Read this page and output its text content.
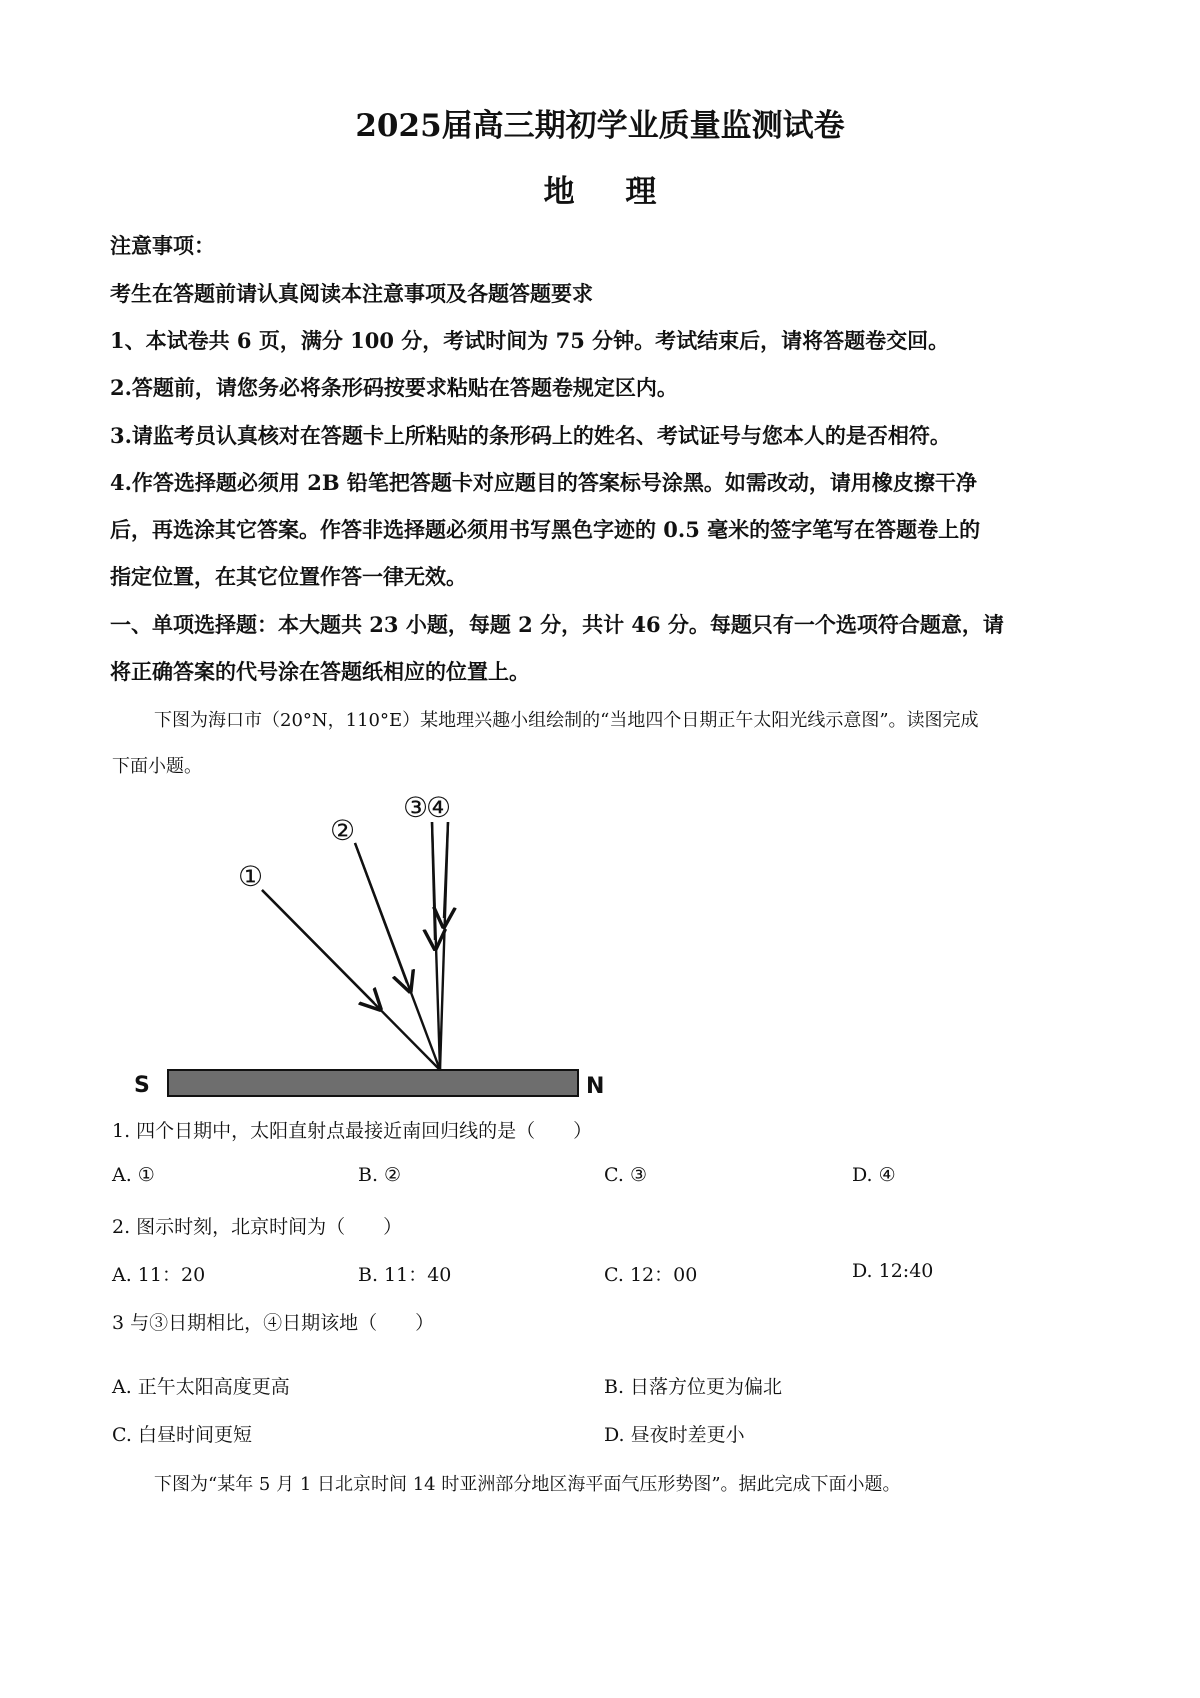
2025届高三期初学业质量监测试卷
地 理
注意事项：
考生在答题前请认真阅读本注意事项及各题答题要求
1、本试卷共 6 页，满分 100 分，考试时间为 75 分钟。考试结束后，请将答题卷交回。
2.答题前，请您务必将条形码按要求粘贴在答题卷规定区内。
3.请监考员认真核对在答题卡上所粘贴的条形码上的姓名、考试证号与您本人的是否相符。
4.作答选择题必须用 2B 铅笔把答题卡对应题目的答案标号涂黑。如需改动，请用橡皮擦干净
后，再选涂其它答案。作答非选择题必须用书写黑色字迹的 0.5 毫米的签字笔写在答题卷上的
指定位置，在其它位置作答一律无效。
一、单项选择题：本大题共 23 小题，每题 2 分，共计 46 分。每题只有一个选项符合题意，请
将正确答案的代号涂在答题纸相应的位置上。
下图为海口市（20°N，110°E）某地理兴趣小组绘制的“当地四个日期正午太阳光线示意图”。读图完成
下面小题。
①
②
③
④
S	N
1. 四个日期中，太阳直射点最接近南回归线的是（　　）
A. ①	B. ②	C. ③	D. ④
2. 图示时刻，北京时间为（　　）
A. 11：20	B. 11：40	C. 12：00	D. 12:40
3 与③日期相比，④日期该地（　　）
A. 正午太阳高度更高	B. 日落方位更为偏北
C. 白昼时间更短	D. 昼夜时差更小
下图为“某年 5 月 1 日北京时间 14 时亚洲部分地区海平面气压形势图”。据此完成下面小题。
